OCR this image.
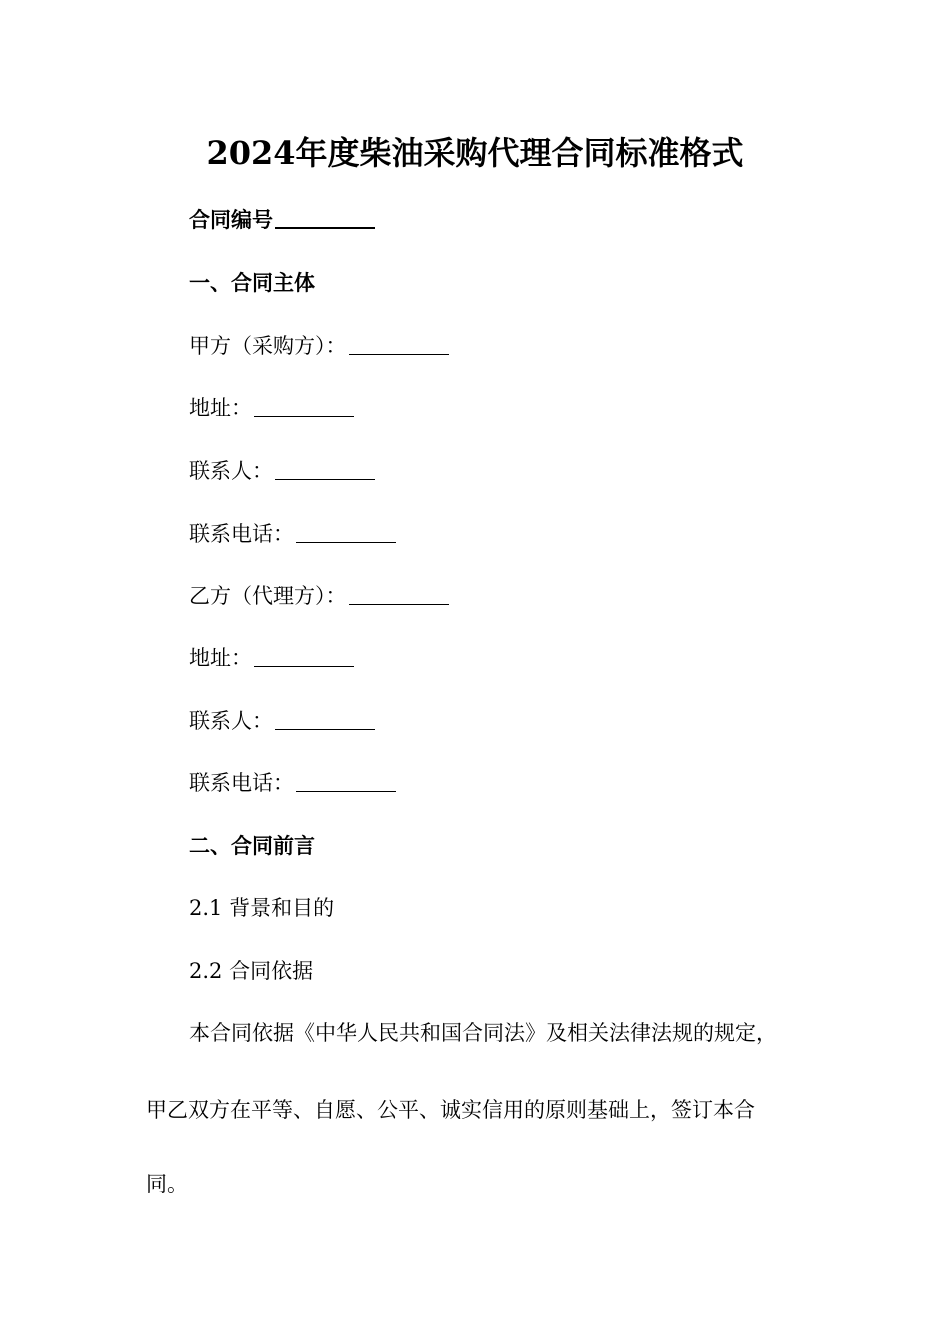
2024年度柴油采购代理合同标准格式
合同编号
一、合同主体
甲方（采购方）：
地址：
联系人：
联系电话：
乙方（代理方）：
地址：
联系人：
联系电话：
二、合同前言
2.1 背景和目的
2.2 合同依据
本合同依据《中华人民共和国合同法》及相关法律法规的规定，
甲乙双方在平等、自愿、公平、诚实信用的原则基础上，签订本合
同。
